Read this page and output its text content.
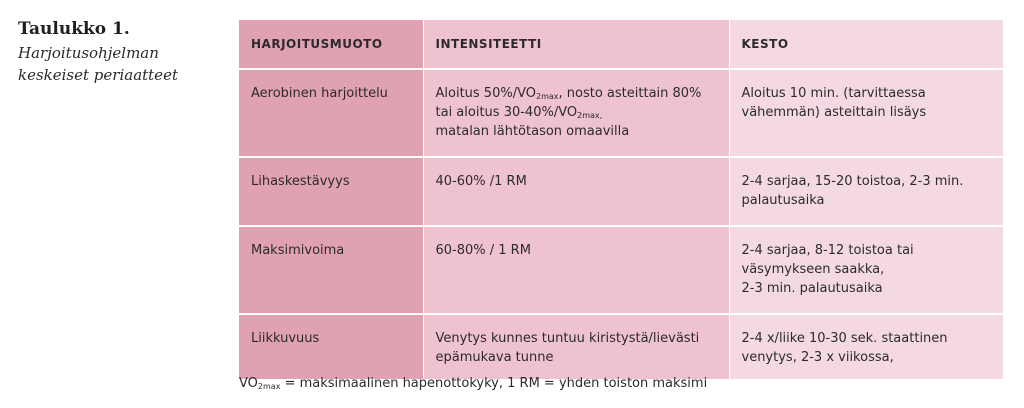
Taulukko 1.
Harjoitusohjelman
keskeiset periaatteet
HARJOITUSMUOTO	INTENSITEETTI	KESTO
Aerobinen harjoittelu	Aloitus $50\%/VO_{2max}$, nosto asteittain 80%
tai aloitus $30-40\%/VO_{2max,}$
matalan lähtötason omaavilla	Aloitus 10 min. (tarvittaessa
vähemmän) asteittain lisäys

Lihaskestävyys	40-60% /1 RM	2-4 sarjaa, 15-20 toistoa, 2-3 min.
palautusaika

Maksimivoima	60-80% / 1 RM	2-4 sarjaa, 8-12 toistoa tai
väsymykseen saakka,
2-3 min. palautusaika

Liikkuvuus	Venytys kunnes tuntuu kiristystä/lievästi
epämukava tunne	2-4 x/liike 10-30 sek. staattinen
venytys, 2-3 x viikossa,
$VO_{2max}$ = maksimaalinen hapenottokyky, 1 RM = yhden toiston maksimi
